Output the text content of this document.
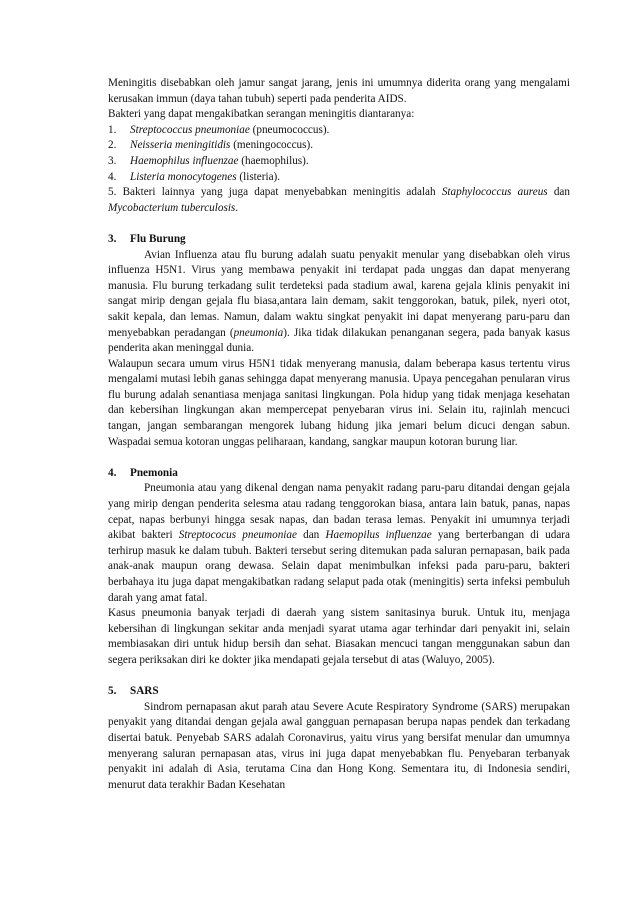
Meningitis disebabkan oleh jamur sangat jarang, jenis ini umumnya diderita orang yang mengalami kerusakan immun (daya tahan tubuh) seperti pada penderita AIDS.

Bakteri yang dapat mengakibatkan serangan meningitis diantaranya:

1. Streptococcus pneumoniae (pneumococcus).

2. Neisseria meningitidis (meningococcus).

3. Haemophilus influenzae (haemophilus).

4. Listeria monocytogenes (listeria).

5. Bakteri lainnya yang juga dapat menyebabkan meningitis adalah Staphylococcus aureus dan Mycobacterium tuberculosis.

3. Flu Burung

Avian Influenza atau flu burung adalah suatu penyakit menular yang disebabkan oleh virus influenza H5N1. Virus yang membawa penyakit ini terdapat pada unggas dan dapat menyerang manusia. Flu burung terkadang sulit terdeteksi pada stadium awal, karena gejala klinis penyakit ini sangat mirip dengan gejala flu biasa,antara lain demam, sakit tenggorokan, batuk, pilek, nyeri otot, sakit kepala, dan lemas. Namun, dalam waktu singkat penyakit ini dapat menyerang paru-paru dan menyebabkan peradangan (pneumonia). Jika tidak dilakukan penanganan segera, pada banyak kasus penderita akan meninggal dunia.

Walaupun secara umum virus H5N1 tidak menyerang manusia, dalam beberapa kasus tertentu virus mengalami mutasi lebih ganas sehingga dapat menyerang manusia. Upaya pencegahan penularan virus flu burung adalah senantiasa menjaga sanitasi lingkungan. Pola hidup yang tidak menjaga kesehatan dan kebersihan lingkungan akan mempercepat penyebaran virus ini. Selain itu, rajinlah mencuci tangan, jangan sembarangan mengorek lubang hidung jika jemari belum dicuci dengan sabun. Waspadai semua kotoran unggas peliharaan, kandang, sangkar maupun kotoran burung liar.

4. Pnemonia

Pneumonia atau yang dikenal dengan nama penyakit radang paru-paru ditandai dengan gejala yang mirip dengan penderita selesma atau radang tenggorokan biasa, antara lain batuk, panas, napas cepat, napas berbunyi hingga sesak napas, dan badan terasa lemas. Penyakit ini umumnya terjadi akibat bakteri Streptococus pneumoniae dan Haemopilus influenzae yang berterbangan di udara terhirup masuk ke dalam tubuh. Bakteri tersebut sering ditemukan pada saluran pernapasan, baik pada anak-anak maupun orang dewasa. Selain dapat menimbulkan infeksi pada paru-paru, bakteri berbahaya itu juga dapat mengakibatkan radang selaput pada otak (meningitis) serta infeksi pembuluh darah yang amat fatal.

Kasus pneumonia banyak terjadi di daerah yang sistem sanitasinya buruk. Untuk itu, menjaga kebersihan di lingkungan sekitar anda menjadi syarat utama agar terhindar dari penyakit ini, selain membiasakan diri untuk hidup bersih dan sehat. Biasakan mencuci tangan menggunakan sabun dan segera periksakan diri ke dokter jika mendapati gejala tersebut di atas (Waluyo, 2005).

5. SARS

Sindrom pernapasan akut parah atau Severe Acute Respiratory Syndrome (SARS) merupakan penyakit yang ditandai dengan gejala awal gangguan pernapasan berupa napas pendek dan terkadang disertai batuk. Penyebab SARS adalah Coronavirus, yaitu virus yang bersifat menular dan umumnya menyerang saluran pernapasan atas, virus ini juga dapat menyebabkan flu. Penyebaran terbanyak penyakit ini adalah di Asia, terutama Cina dan Hong Kong. Sementara itu, di Indonesia sendiri, menurut data terakhir Badan Kesehatan
